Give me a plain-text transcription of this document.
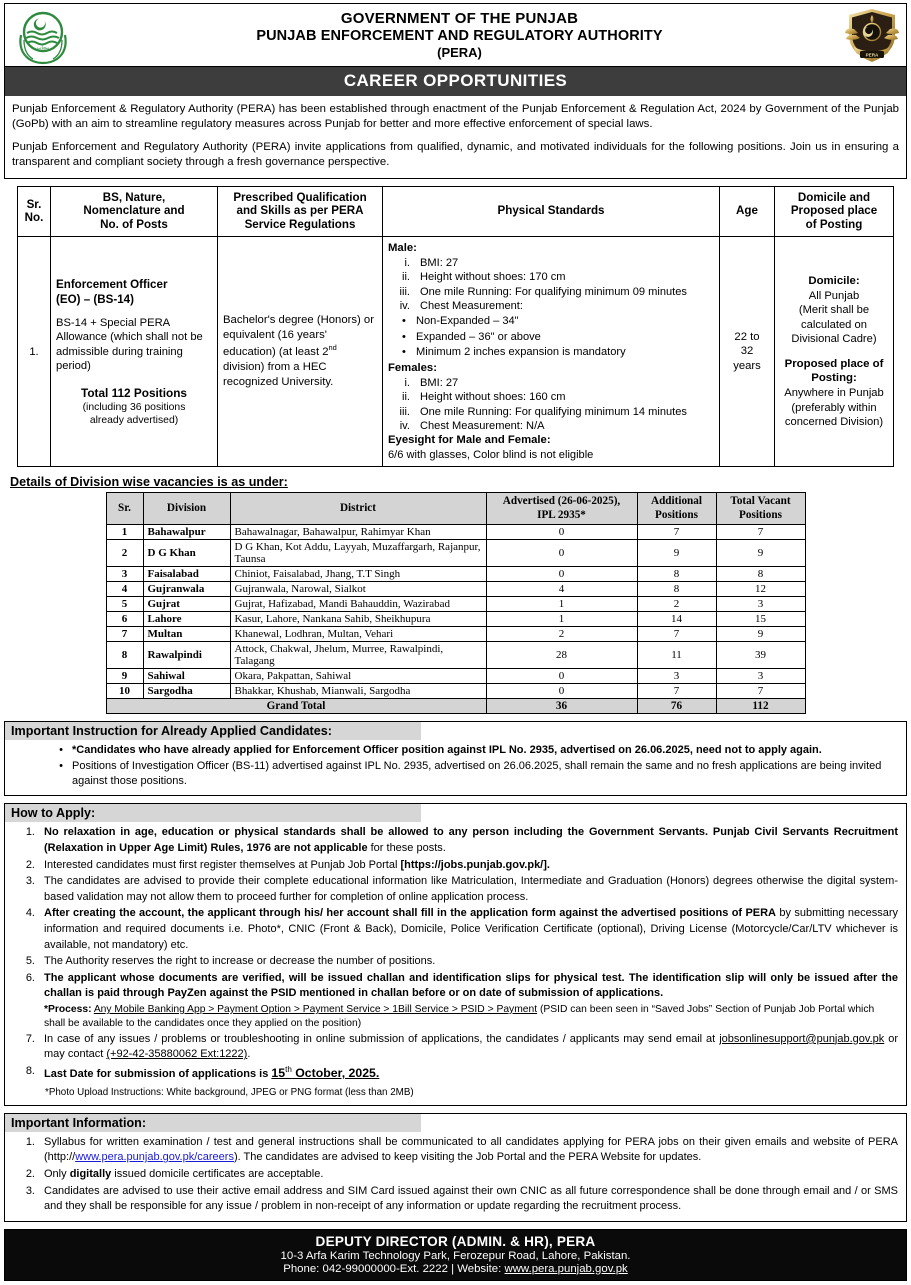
پنجاب
GOVERNMENT OF THE PUNJAB
PUNJAB ENFORCEMENT AND REGULATORY AUTHORITY
(PERA)	PERA
CAREER OPPORTUNITIES

Punjab Enforcement & Regulatory Authority (PERA) has been established through enactment of the Punjab Enforcement & Regulation Act, 2024 by Government of the Punjab (GoPb) with an aim to streamline regulatory measures across Punjab for better and more effective enforcement of special laws.

Punjab Enforcement and Regulatory Authority (PERA) invite applications from qualified, dynamic, and motivated individuals for the following positions. Join us in ensuring a transparent and compliant society through a fresh governance perspective.

Sr.
No.

BS, Nature,
Nomenclature and
No. of Posts

Prescribed Qualification
and Skills as per PERA
Service Regulations
	Physical Standards	Age	
Domicile and
Proposed place
of Posting

1.	
Enforcement Officer
(EO) – (BS-14)
BS-14 + Special PERA Allowance (which shall not be admissible during training period)
Total 112 Positions
(including 36 positions
already advertised)

Bachelor's degree (Honors) or equivalent (16 years' education) (at least 2nd division) from a HEC recognized University.
	Male:
i. BMI: 27
ii. Height without shoes: 170 cm
iii. One mile Running: For qualifying minimum 09 minutes
iv. Chest Measurement:
• Non-Expanded – 34"
• Expanded – 36" or above
• Minimum 2 inches expansion is mandatory
Females:
i. BMI: 27
ii. Height without shoes: 160 cm
iii. One mile Running: For qualifying minimum 14 minutes
iv. Chest Measurement: N/A
Eyesight for Male and Female:
6/6 with glasses, Color blind is not eligible

22 to
32
years

Domicile:
All Punjab
(Merit shall be
calculated on
Divisional Cadre)
Proposed place of
Posting:
Anywhere in Punjab
(preferably within
concerned Division)
Details of Division wise vacancies is as under:
Sr.	Division	District	
Advertised (26-06-2025),
IPL 2935*

Additional
Positions

Total Vacant
Positions

1	Bahawalpur	Bahawalnagar, Bahawalpur, Rahimyar Khan	0	7	7
2	D G Khan	D G Khan, Kot Addu, Layyah, Muzaffargarh, Rajanpur, Taunsa	0	9	9
3	Faisalabad	Chiniot, Faisalabad, Jhang, T.T Singh	0	8	8
4	Gujranwala	Gujranwala, Narowal, Sialkot	4	8	12
5	Gujrat	Gujrat, Hafizabad, Mandi Bahauddin, Wazirabad	1	2	3
6	Lahore	Kasur, Lahore, Nankana Sahib, Sheikhupura	1	14	15
7	Multan	Khanewal, Lodhran, Multan, Vehari	2	7	9
8	Rawalpindi	Attock, Chakwal, Jhelum, Murree, Rawalpindi, Talagang	28	11	39
9	Sahiwal	Okara, Pakpattan, Sahiwal	0	3	3
10	Sargodha	Bhakkar, Khushab, Mianwali, Sargodha	0	7	7
Grand Total			36	76	112
Important Instruction for Already Applied Candidates:
• *Candidates who have already applied for Enforcement Officer position against IPL No. 2935, advertised on 26.06.2025, need not to apply again.
• Positions of Investigation Officer (BS-11) advertised against IPL No. 2935, advertised on 26.06.2025, shall remain the same and no fresh applications are being invited against those positions.
How to Apply:
1. No relaxation in age, education or physical standards shall be allowed to any person including the Government Servants. Punjab Civil Servants Recruitment (Relaxation in Upper Age Limit) Rules, 1976 are not applicable for these posts.
2. Interested candidates must first register themselves at Punjab Job Portal [https://jobs.punjab.gov.pk/].
3. The candidates are advised to provide their complete educational information like Matriculation, Intermediate and Graduation (Honors) degrees otherwise the digital system-based validation may not allow them to proceed further for completion of online application process.
4. After creating the account, the applicant through his/ her account shall fill in the application form against the advertised positions of PERA by submitting necessary information and required documents i.e. Photo*, CNIC (Front & Back), Domicile, Police Verification Certificate (optional), Driving License (Motorcycle/Car/LTV whichever is available, not mandatory) etc.
5. The Authority reserves the right to increase or decrease the number of positions.
6. The applicant whose documents are verified, will be issued challan and identification slips for physical test. The identification slip will only be issued after the challan is paid through PayZen against the PSID mentioned in challan before or on date of submission of applications.
*Process: Any Mobile Banking App > Payment Option > Payment Service > 1Bill Service > PSID > Payment (PSID can been seen in “Saved Jobs” Section of Punjab Job Portal which shall be available to the candidates once they applied on the position)
7. In case of any issues / problems or troubleshooting in online submission of applications, the candidates / applicants may send email at jobsonlinesupport@punjab.gov.pk or may contact (+92-42-35880062 Ext:1222).
8. Last Date for submission of applications is 15th October, 2025.
*Photo Upload Instructions: White background, JPEG or PNG format (less than 2MB)
Important Information:
1. Syllabus for written examination / test and general instructions shall be communicated to all candidates applying for PERA jobs on their given emails and website of PERA (http://www.pera.punjab.gov.pk/careers). The candidates are advised to keep visiting the Job Portal and the PERA Website for updates.
2. Only digitally issued domicile certificates are acceptable.
3. Candidates are advised to use their active email address and SIM Card issued against their own CNIC as all future correspondence shall be done through email and / or SMS and they shall be responsible for any issue / problem in non-receipt of any information or update regarding the recruitment process.
DEPUTY DIRECTOR (ADMIN. & HR), PERA
10-3 Arfa Karim Technology Park, Ferozepur Road, Lahore, Pakistan.
Phone: 042-99000000-Ext. 2222 | Website: www.pera.punjab.gov.pk
